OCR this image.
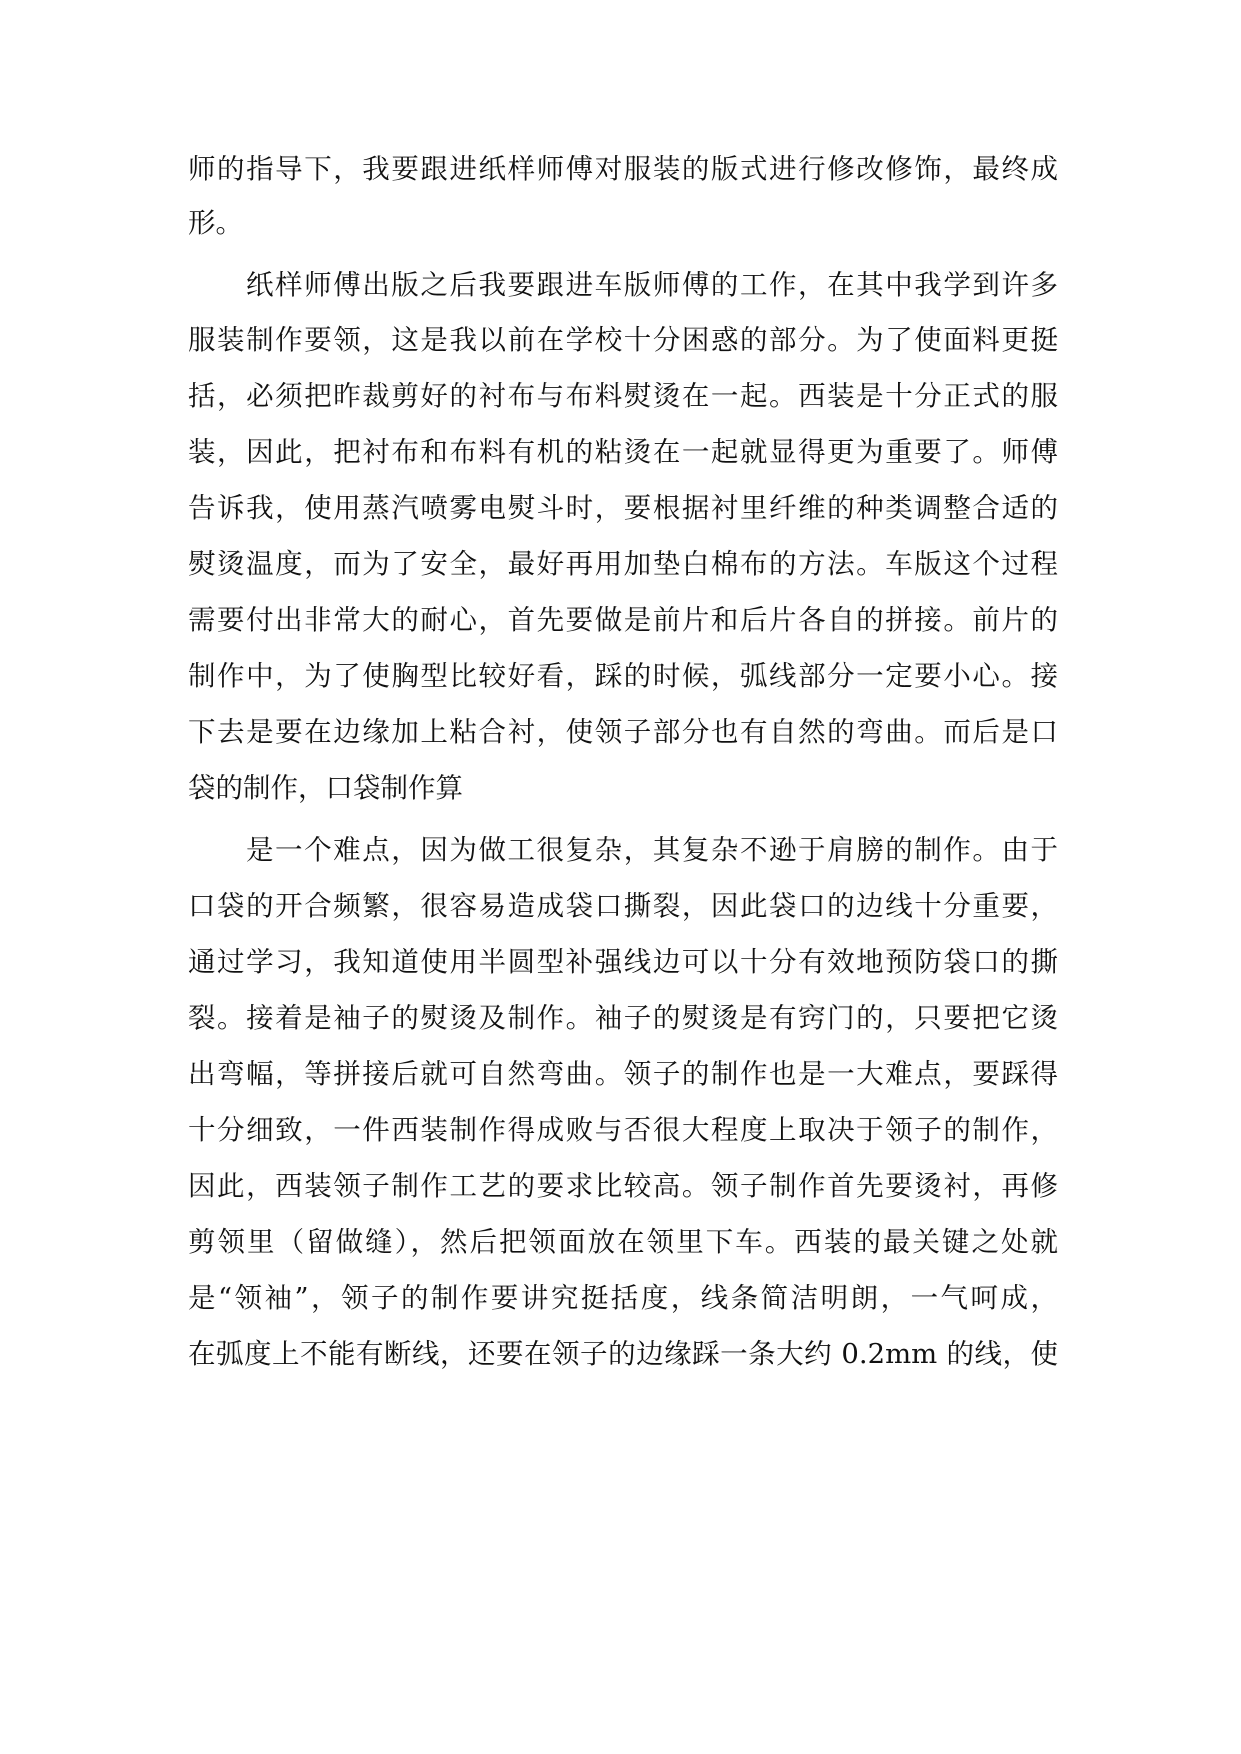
师的指导下，我要跟进纸样师傅对服装的版式进行修改修饰，最终成

形。

纸样师傅出版之后我要跟进车版师傅的工作，在其中我学到许多

服装制作要领，这是我以前在学校十分困惑的部分。为了使面料更挺

括，必须把昨裁剪好的衬布与布料熨烫在一起。西装是十分正式的服

装，因此，把衬布和布料有机的粘烫在一起就显得更为重要了。师傅

告诉我，使用蒸汽喷雾电熨斗时，要根据衬里纤维的种类调整合适的

熨烫温度，而为了安全，最好再用加垫白棉布的方法。车版这个过程

需要付出非常大的耐心，首先要做是前片和后片各自的拼接。前片的

制作中，为了使胸型比较好看，踩的时候，弧线部分一定要小心。接

下去是要在边缘加上粘合衬，使领子部分也有自然的弯曲。而后是口

袋的制作，口袋制作算

是一个难点，因为做工很复杂，其复杂不逊于肩膀的制作。由于

口袋的开合频繁，很容易造成袋口撕裂，因此袋口的边线十分重要，

通过学习，我知道使用半圆型补强线边可以十分有效地预防袋口的撕

裂。接着是袖子的熨烫及制作。袖子的熨烫是有窍门的，只要把它烫

出弯幅，等拼接后就可自然弯曲。领子的制作也是一大难点，要踩得

十分细致，一件西装制作得成败与否很大程度上取决于领子的制作，

因此，西装领子制作工艺的要求比较高。领子制作首先要烫衬，再修

剪领里（留做缝），然后把领面放在领里下车。西装的最关键之处就

是“领袖”，领子的制作要讲究挺括度，线条简洁明朗，一气呵成，

在弧度上不能有断线，还要在领子的边缘踩一条大约 0.2mm 的线，使
